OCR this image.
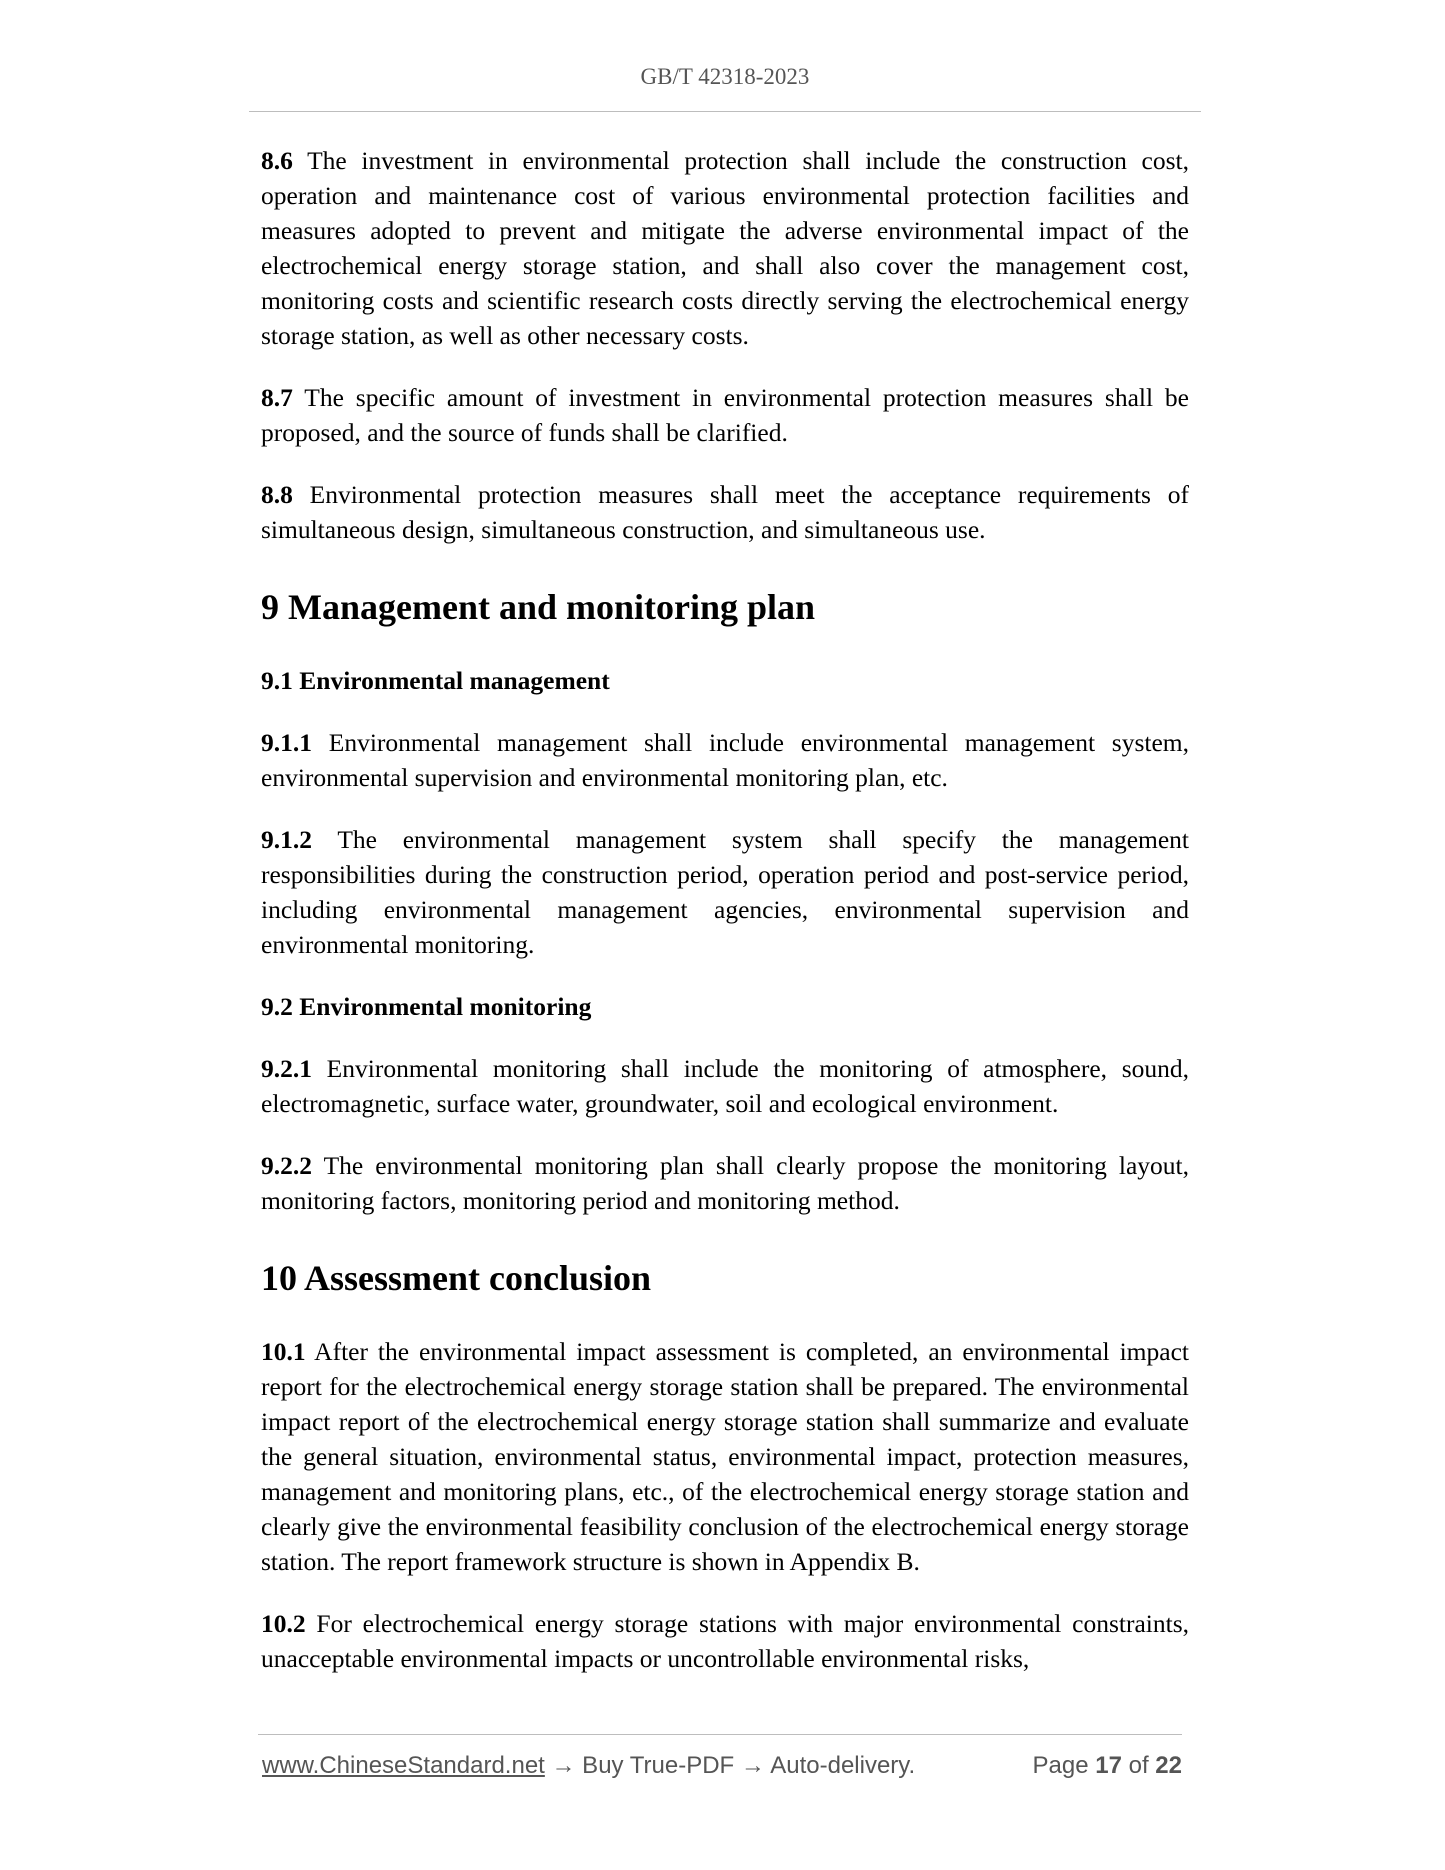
GB/T 42318-2023

8.6 The investment in environmental protection shall include the construction cost, operation and maintenance cost of various environmental protection facilities and measures adopted to prevent and mitigate the adverse environmental impact of the electrochemical energy storage station, and shall also cover the management cost, monitoring costs and scientific research costs directly serving the electrochemical energy storage station, as well as other necessary costs.

8.7 The specific amount of investment in environmental protection measures shall be proposed, and the source of funds shall be clarified.

8.8 Environmental protection measures shall meet the acceptance requirements of simultaneous design, simultaneous construction, and simultaneous use.

9 Management and monitoring plan
9.1 Environmental management

9.1.1 Environmental management shall include environmental management system, environmental supervision and environmental monitoring plan, etc.

9.1.2 The environmental management system shall specify the management responsibilities during the construction period, operation period and post-service period, including environmental management agencies, environmental supervision and environmental monitoring.

9.2 Environmental monitoring

9.2.1 Environmental monitoring shall include the monitoring of atmosphere, sound, electromagnetic, surface water, groundwater, soil and ecological environment.

9.2.2 The environmental monitoring plan shall clearly propose the monitoring layout, monitoring factors, monitoring period and monitoring method.

10 Assessment conclusion

10.1 After the environmental impact assessment is completed, an environmental impact report for the electrochemical energy storage station shall be prepared. The environmental impact report of the electrochemical energy storage station shall summarize and evaluate the general situation, environmental status, environmental impact, protection measures, management and monitoring plans, etc., of the electrochemical energy storage station and clearly give the environmental feasibility conclusion of the electrochemical energy storage station. The report framework structure is shown in Appendix B.

10.2 For electrochemical energy storage stations with major environmental constraints, unacceptable environmental impacts or uncontrollable environmental risks,

www.ChineseStandard.net → Buy True-PDF → Auto-delivery.	Page 17 of 22
